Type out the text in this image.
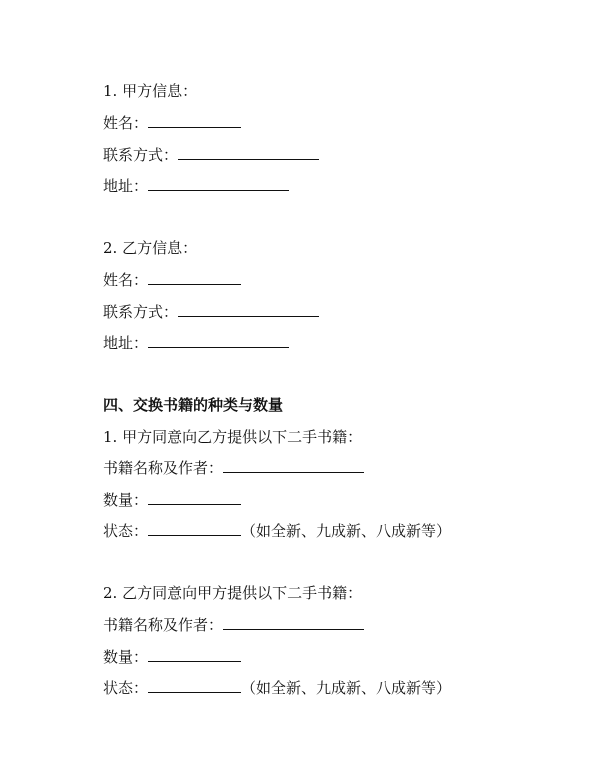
1. 甲方信息：
姓名：
联系方式：
地址：
2. 乙方信息：
姓名：
联系方式：
地址：
四、交换书籍的种类与数量
1. 甲方同意向乙方提供以下二手书籍：
书籍名称及作者：
数量：
状态：	（如全新、九成新、八成新等）
2. 乙方同意向甲方提供以下二手书籍：
书籍名称及作者：
数量：
状态：	（如全新、九成新、八成新等）
